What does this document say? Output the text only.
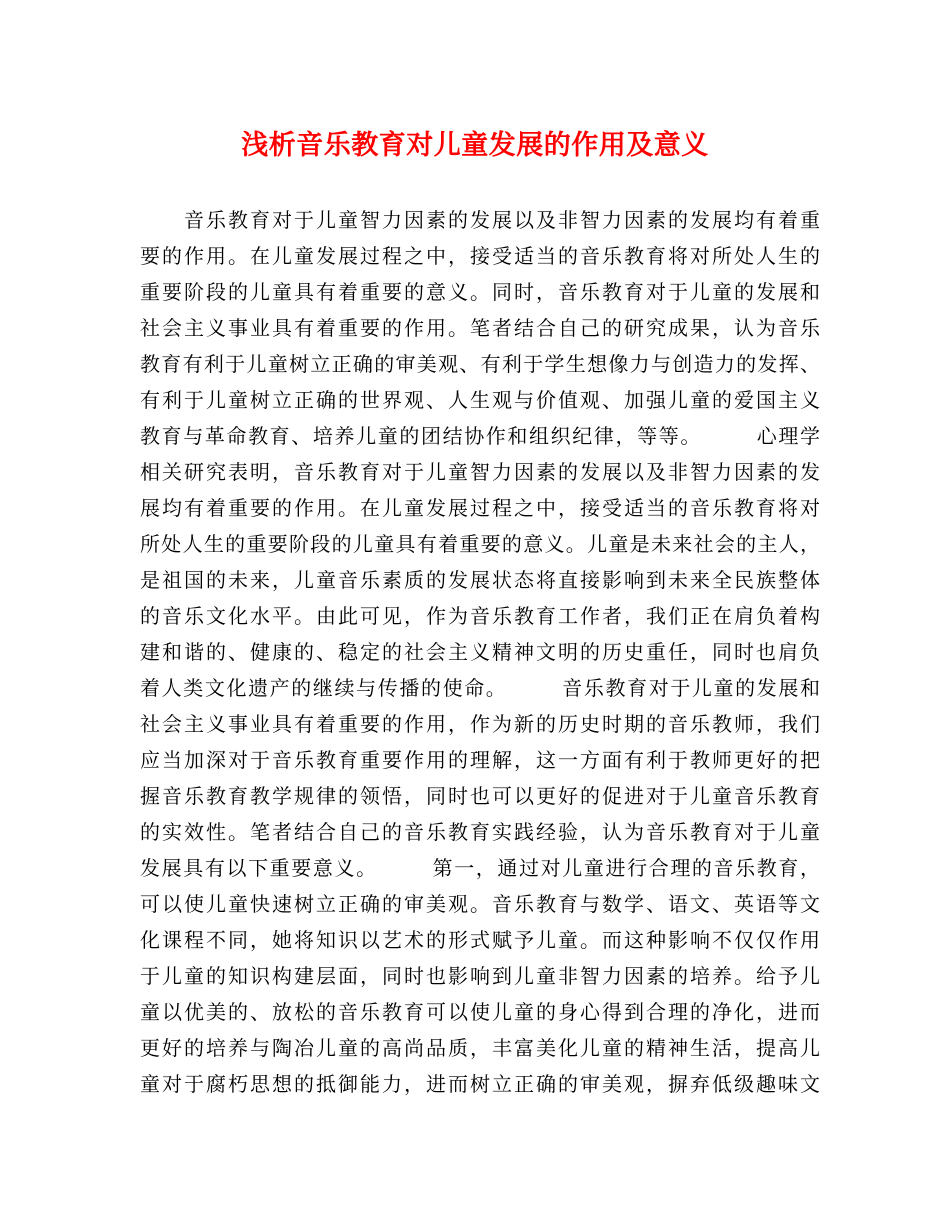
浅析音乐教育对儿童发展的作用及意义
　　音乐教育对于儿童智力因素的发展以及非智力因素的发展均有着重
要的作用。在儿童发展过程之中，接受适当的音乐教育将对所处人生的
重要阶段的儿童具有着重要的意义。同时，音乐教育对于儿童的发展和
社会主义事业具有着重要的作用。笔者结合自己的研究成果，认为音乐
教育有利于儿童树立正确的审美观、有利于学生想像力与创造力的发挥、
有利于儿童树立正确的世界观、人生观与价值观、加强儿童的爱国主义
教育与革命教育、培养儿童的团结协作和组织纪律，等等。　　　心理学
相关研究表明，音乐教育对于儿童智力因素的发展以及非智力因素的发
展均有着重要的作用。在儿童发展过程之中，接受适当的音乐教育将对
所处人生的重要阶段的儿童具有着重要的意义。儿童是未来社会的主人，
是祖国的未来，儿童音乐素质的发展状态将直接影响到未来全民族整体
的音乐文化水平。由此可见，作为音乐教育工作者，我们正在肩负着构
建和谐的、健康的、稳定的社会主义精神文明的历史重任，同时也肩负
着人类文化遗产的继续与传播的使命。　　　音乐教育对于儿童的发展和
社会主义事业具有着重要的作用，作为新的历史时期的音乐教师，我们
应当加深对于音乐教育重要作用的理解，这一方面有利于教师更好的把
握音乐教育教学规律的领悟，同时也可以更好的促进对于儿童音乐教育
的实效性。笔者结合自己的音乐教育实践经验，认为音乐教育对于儿童
发展具有以下重要意义。　　　第一，通过对儿童进行合理的音乐教育，
可以使儿童快速树立正确的审美观。音乐教育与数学、语文、英语等文
化课程不同，她将知识以艺术的形式赋予儿童。而这种影响不仅仅作用
于儿童的知识构建层面，同时也影响到儿童非智力因素的培养。给予儿
童以优美的、放松的音乐教育可以使儿童的身心得到合理的净化，进而
更好的培养与陶冶儿童的高尚品质，丰富美化儿童的精神生活，提高儿
童对于腐朽思想的抵御能力，进而树立正确的审美观，摒弃低级趣味文
